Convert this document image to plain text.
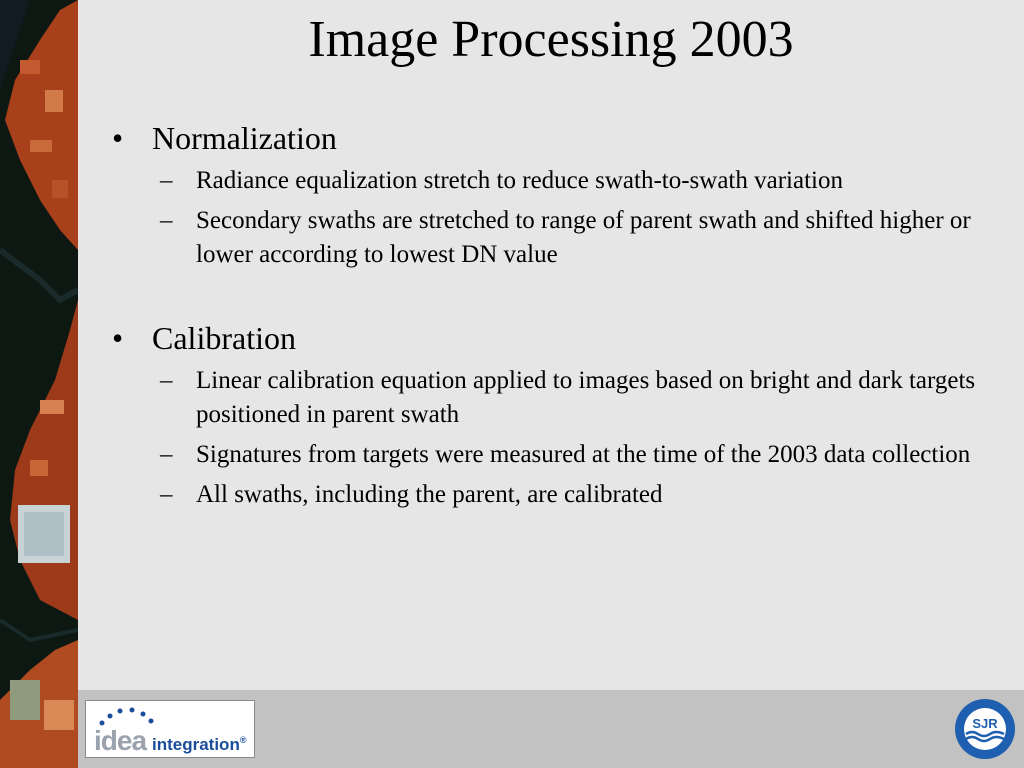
Image Processing 2003
• Normalization
– Radiance equalization stretch to reduce swath-to-swath variation
– Secondary swaths are stretched to range of parent swath and shifted higher or lower according to lowest DN value
• Calibration
– Linear calibration equation applied to images based on bright and dark targets positioned in parent swath
– Signatures from targets were measured at the time of the 2003 data collection
– All swaths, including the parent, are calibrated
idea integration®
SJR
